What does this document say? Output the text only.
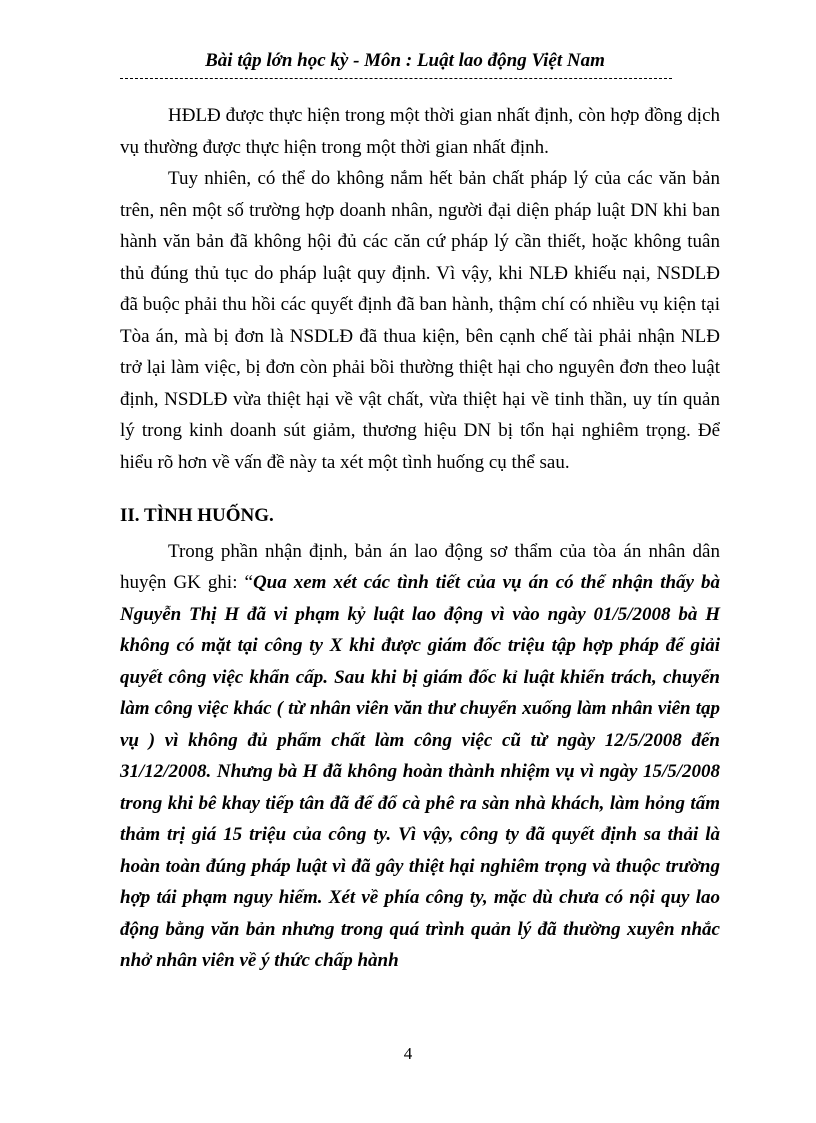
Bài tập lớn học kỳ - Môn : Luật lao động Việt Nam

HĐLĐ được thực hiện trong một thời gian nhất định, còn hợp đồng dịch vụ thường được thực hiện trong một thời gian nhất định.

Tuy nhiên, có thể do không nắm hết bản chất pháp lý của các văn bản trên, nên một số trường hợp doanh nhân, người đại diện pháp luật DN khi ban hành văn bản đã không hội đủ các căn cứ pháp lý cần thiết, hoặc không tuân thủ đúng thủ tục do pháp luật quy định. Vì vậy, khi NLĐ khiếu nại, NSDLĐ đã buộc phải thu hồi các quyết định đã ban hành, thậm chí có nhiều vụ kiện tại Tòa án, mà bị đơn là NSDLĐ đã thua kiện, bên cạnh chế tài phải nhận NLĐ trở lại làm việc, bị đơn còn phải bồi thường thiệt hại cho nguyên đơn theo luật định, NSDLĐ vừa thiệt hại về vật chất, vừa thiệt hại về tinh thần, uy tín quản lý trong kinh doanh sút giảm, thương hiệu DN bị tổn hại nghiêm trọng. Để hiểu rõ hơn về vấn đề này ta xét một tình huống cụ thể sau.

II. TÌNH HUỐNG.

Trong phần nhận định, bản án lao động sơ thẩm của tòa án nhân dân huyện GK ghi: “Qua xem xét các tình tiết của vụ án có thể nhận thấy bà Nguyễn Thị H đã vi phạm kỷ luật lao động vì vào ngày 01/5/2008 bà H không có mặt tại công ty X khi được giám đốc triệu tập hợp pháp để giải quyết công việc khẩn cấp. Sau khi bị giám đốc kỉ luật khiển trách, chuyển làm công việc khác ( từ nhân viên văn thư chuyển xuống làm nhân viên tạp vụ ) vì không đủ phẩm chất làm công việc cũ từ ngày 12/5/2008 đến 31/12/2008. Nhưng bà H đã không hoàn thành nhiệm vụ vì ngày 15/5/2008 trong khi bê khay tiếp tân đã để đổ cà phê ra sàn nhà khách, làm hỏng tấm thảm trị giá 15 triệu của công ty. Vì vậy, công ty đã quyết định sa thải là hoàn toàn đúng pháp luật vì đã gây thiệt hại nghiêm trọng và thuộc trường hợp tái phạm nguy hiểm. Xét về phía công ty, mặc dù chưa có nội quy lao động bằng văn bản nhưng trong quá trình quản lý đã thường xuyên nhắc nhở nhân viên về ý thức chấp hành

4
